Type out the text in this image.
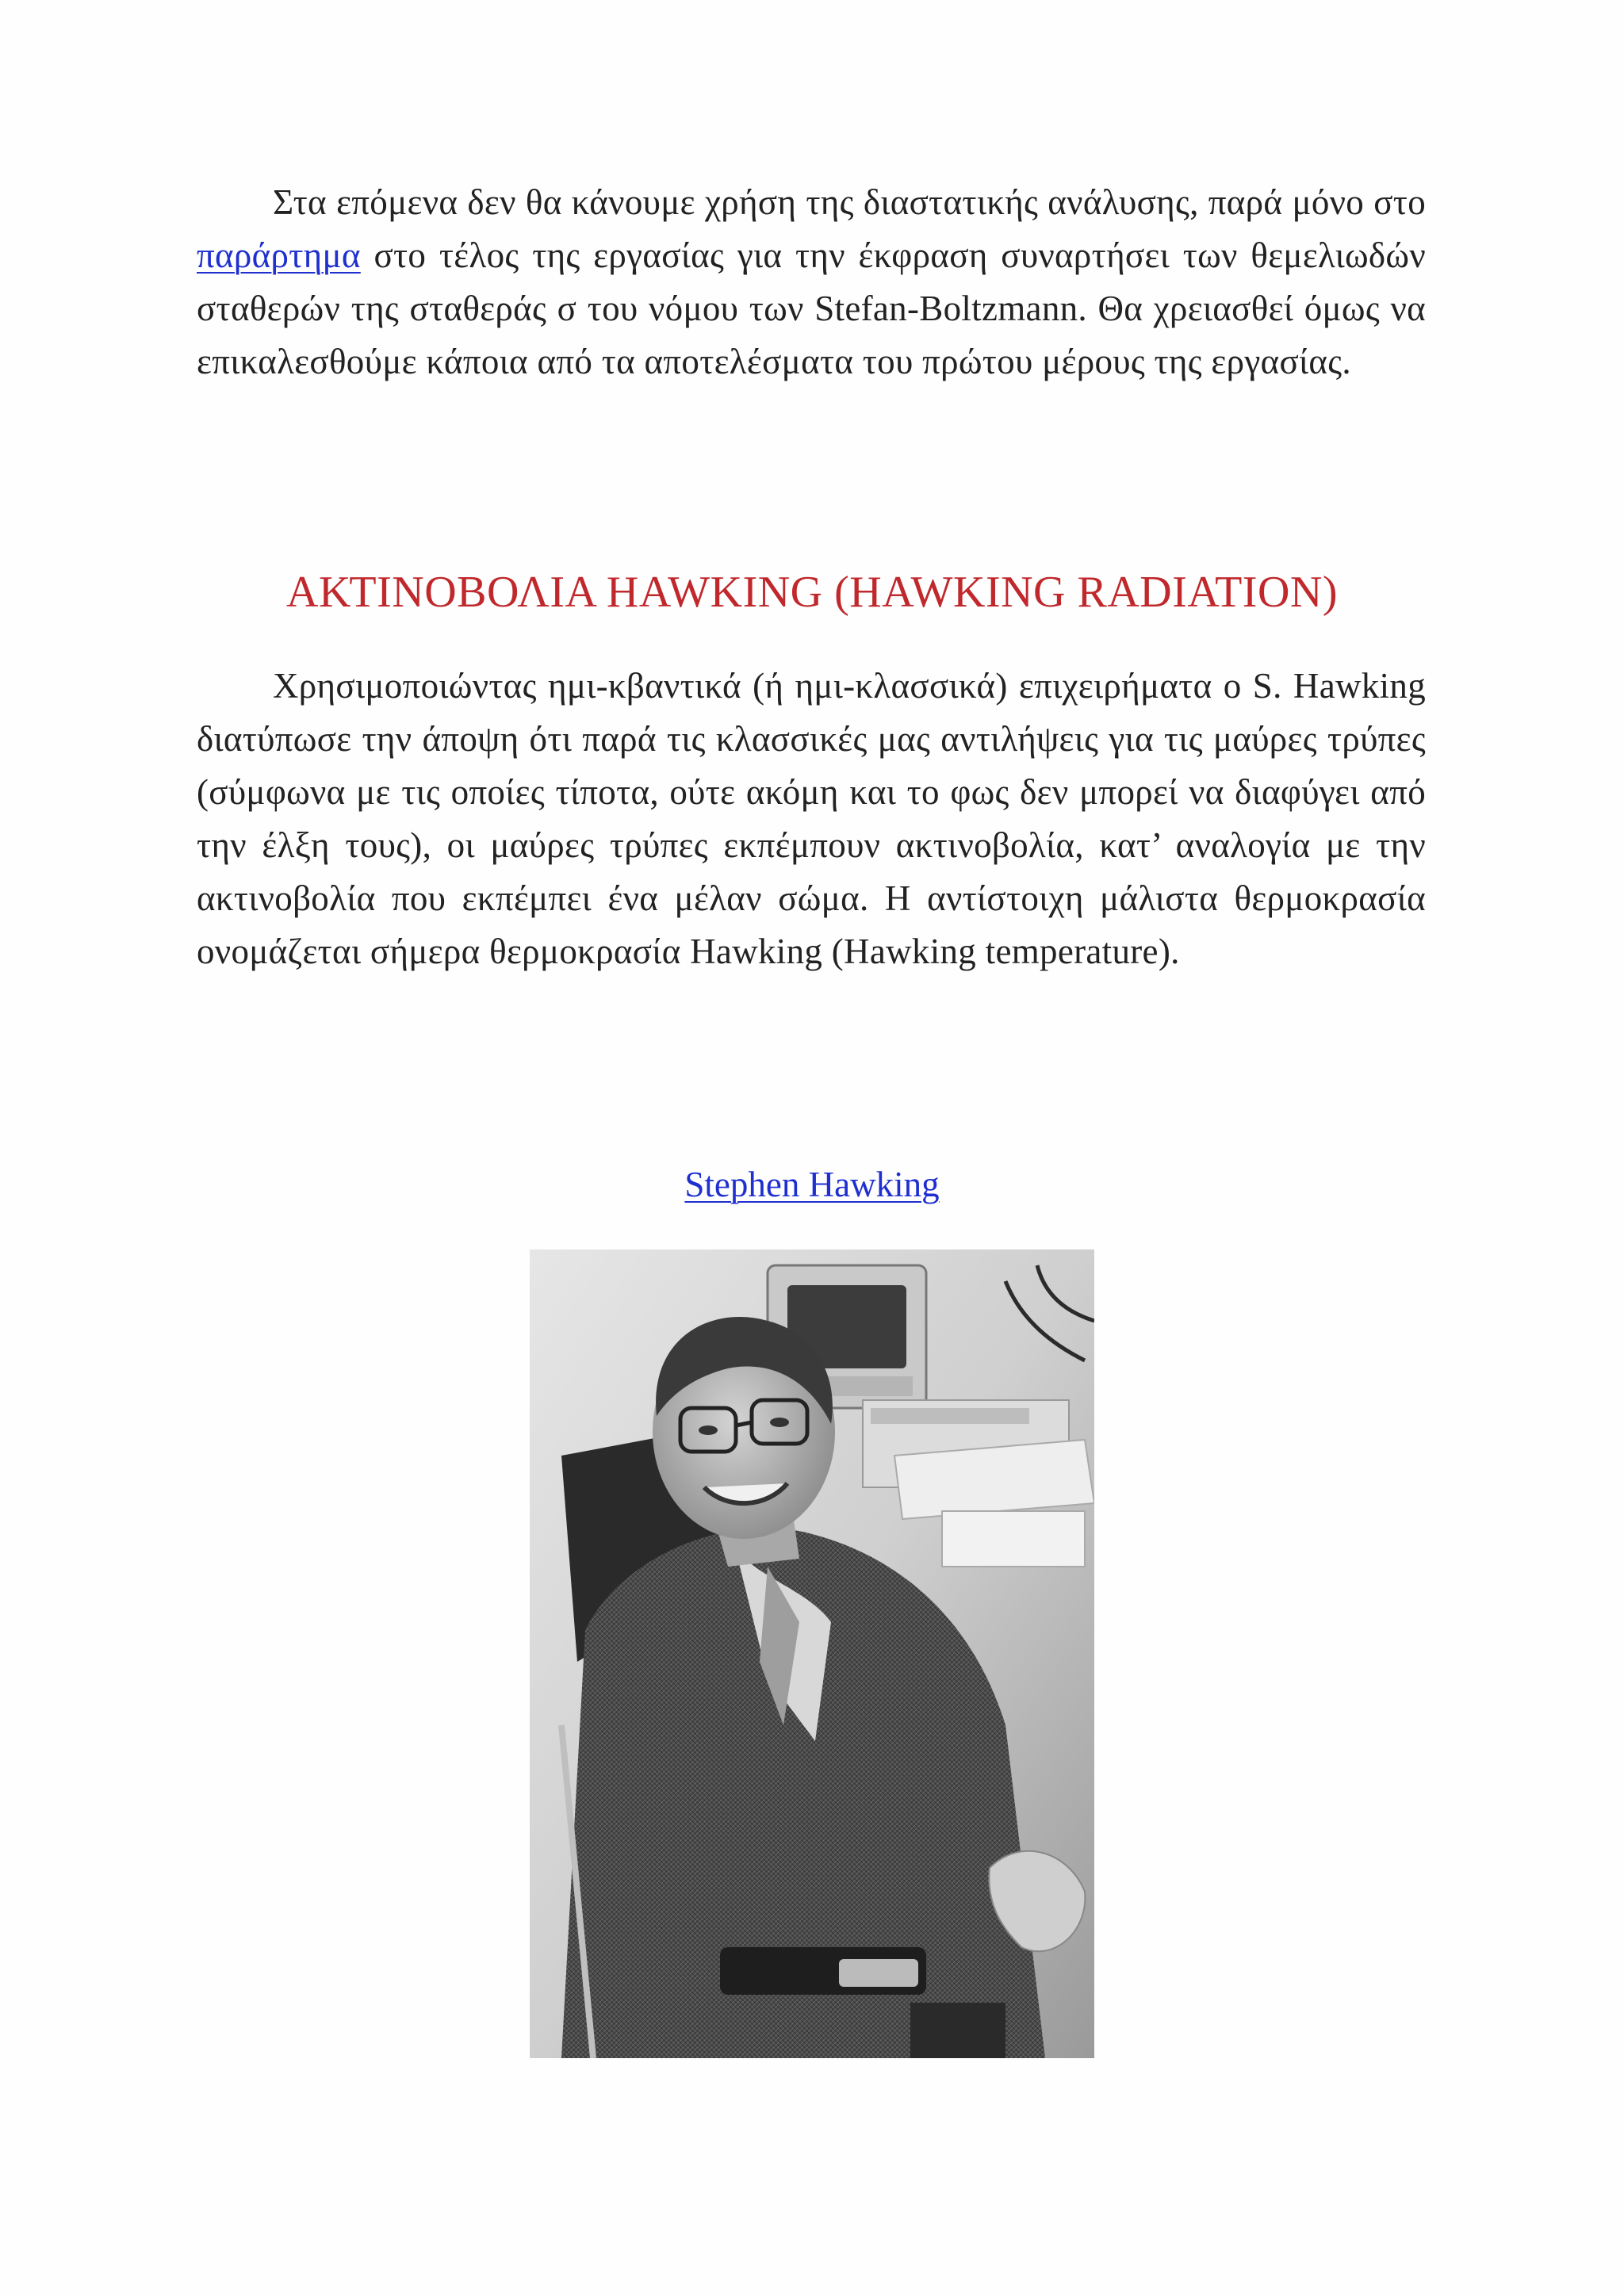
Στα επόμενα δεν θα κάνουμε χρήση της διαστατικής ανάλυσης, παρά μόνο στο παράρτημα στο τέλος της εργασίας για την έκφραση συναρτήσει των θεμελιωδών σταθερών της σταθεράς σ του νόμου των Stefan-Boltzmann. Θα χρειασθεί όμως να επικαλεσθούμε κάποια από τα αποτελέσματα του πρώτου μέρους της εργασίας.
ΑΚΤΙΝΟΒΟΛΙΑ HAWKING (HAWKING RADIATION)
Χρησιμοποιώντας ημι-κβαντικά (ή ημι-κλασσικά) επιχειρήματα ο S. Hawking διατύπωσε την άποψη ότι παρά τις κλασσικές μας αντιλήψεις για τις μαύρες τρύπες (σύμφωνα με τις οποίες τίποτα, ούτε ακόμη και το φως δεν μπορεί να διαφύγει από την έλξη τους), οι μαύρες τρύπες εκπέμπουν ακτινοβολία, κατ’ αναλογία με την ακτινοβολία που εκπέμπει ένα μέλαν σώμα. Η αντίστοιχη μάλιστα θερμοκρασία ονομάζεται σήμερα θερμοκρασία Hawking (Hawking temperature).
Stephen Hawking
